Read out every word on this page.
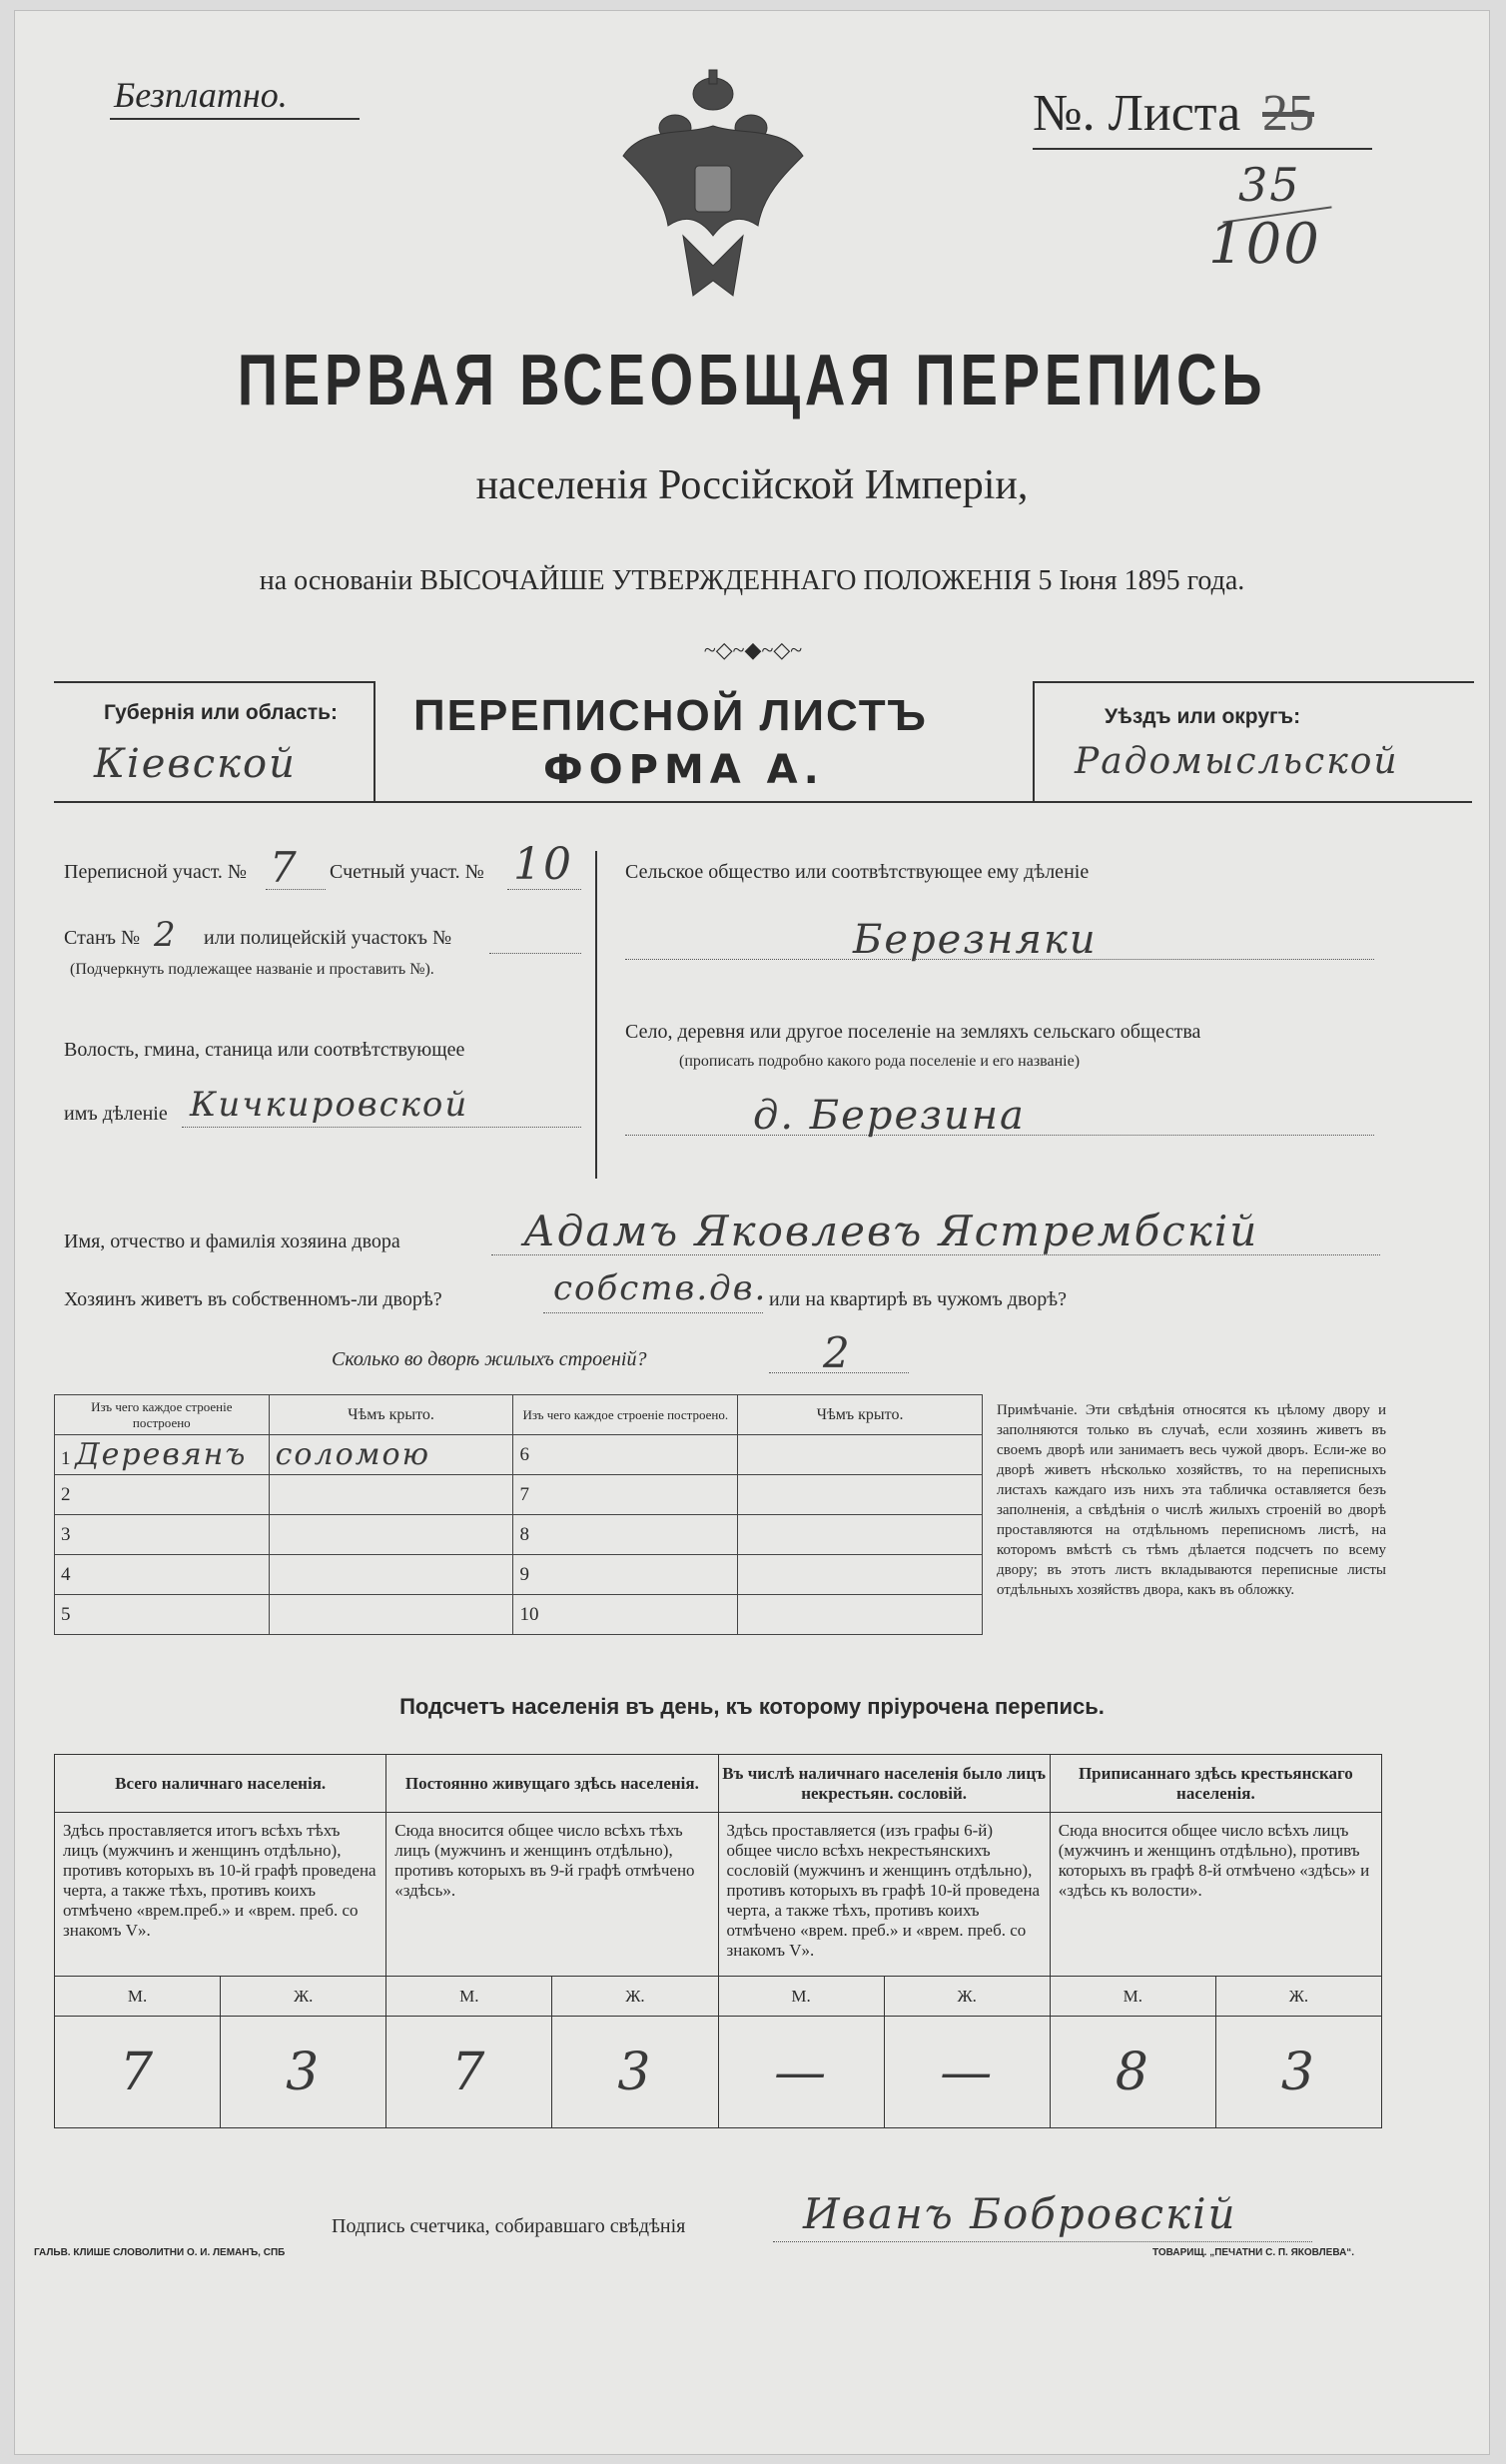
Безплатно.	№. Листа 25
35
100
ПЕРВАЯ ВСЕОБЩАЯ ПЕРЕПИСЬ
населенія Россійской Имперіи,
на основаніи ВЫСОЧАЙШЕ УТВЕРЖДЕННАГО ПОЛОЖЕНІЯ 5 Іюня 1895 года.
~◇~◆~◇~
Губернія или область:
Кіевской
ПЕРЕПИСНОЙ ЛИСТЪ
ФОРМА А.
Уѣздъ или округъ:
Радомысльской
Переписной участ. № 7 Счетный участ. № 10
Станъ № 2 или полицейскій участокъ №
(Подчеркнуть подлежащее названіе и проставить №).
Волость, гмина, станица или соотвѣтствующее
имъ дѣленіе Кичкировской
Сельское общество или соотвѣтствующее ему дѣленіе
Березняки
Село, деревня или другое поселеніе на земляхъ сельскаго общества
(прописать подробно какого рода поселеніе и его названіе)
д. Березина
Имя, отчество и фамилія хозяина двора	Адамъ Яковлевъ Ястрембскій
Хозяинъ живетъ въ собственномъ-ли дворѣ?	собств.дв. или на квартирѣ въ чужомъ дворѣ?
Сколько во дворѣ жилыхъ строеній?	2
Изъ чего каждое строеніе построено	Чѣмъ крыто.	Изъ чего каждое строеніе построено.	Чѣмъ крыто.
1 Деревянъ	соломою	6	
2		7	
3		8	
4		9	
5		10	
Примѣчаніе. Эти свѣдѣнія относятся къ цѣлому двору и заполняются только въ случаѣ, если хозяинъ живетъ въ своемъ дворѣ или занимаетъ весь чужой дворъ. Если-же во дворѣ живетъ нѣсколько хозяйствъ, то на переписныхъ листахъ каждаго изъ нихъ эта табличка оставляется безъ заполненія, а свѣдѣнія о числѣ жилыхъ строеній во дворѣ проставляются на отдѣльномъ переписномъ листѣ, на которомъ вмѣстѣ съ тѣмъ дѣлается подсчетъ по всему двору; въ этотъ листъ вкладываются переписные листы отдѣльныхъ хозяйствъ двора, какъ въ обложку.
Подсчетъ населенія въ день, къ которому пріурочена перепись.
Всего наличнаго населенія.		Постоянно живущаго здѣсь населенія.		Въ числѣ наличнаго населенія было лицъ некрестьян. сословій.		Приписаннаго здѣсь крестьянскаго населенія.	
Здѣсь проставляется итогъ всѣхъ тѣхъ лицъ (мужчинъ и женщинъ отдѣльно), противъ которыхъ въ 10-й графѣ проведена черта, а также тѣхъ, противъ коихъ отмѣчено «врем.преб.» и «врем. преб. со знакомъ V».		Сюда вносится общее число всѣхъ тѣхъ лицъ (мужчинъ и женщинъ отдѣльно), противъ которыхъ въ 9-й графѣ отмѣчено «здѣсь».		Здѣсь проставляется (изъ графы 6-й) общее число всѣхъ некрестьянскихъ сословій (мужчинъ и женщинъ отдѣльно), противъ которыхъ въ графѣ 10-й проведена черта, а также тѣхъ, противъ коихъ отмѣчено «врем. преб.» и «врем. преб. со знакомъ V».		Сюда вносится общее число всѣхъ лицъ (мужчинъ и женщинъ отдѣльно), противъ которыхъ въ графѣ 8-й отмѣчено «здѣсь» и «здѣсь къ волости».	
М.	Ж.	М.	Ж.	М.	Ж.	М.	Ж.
7	3	7	3	—	—	8	3
Подпись счетчика, собиравшаго свѣдѣнія	Иванъ Бобровскій
ГАЛЬВ. КЛИШЕ СЛОВОЛИТНИ О. И. ЛЕМАНЪ, СПБ	ТОВАРИЩ. „ПЕЧАТНИ С. П. ЯКОВЛЕВА“.
